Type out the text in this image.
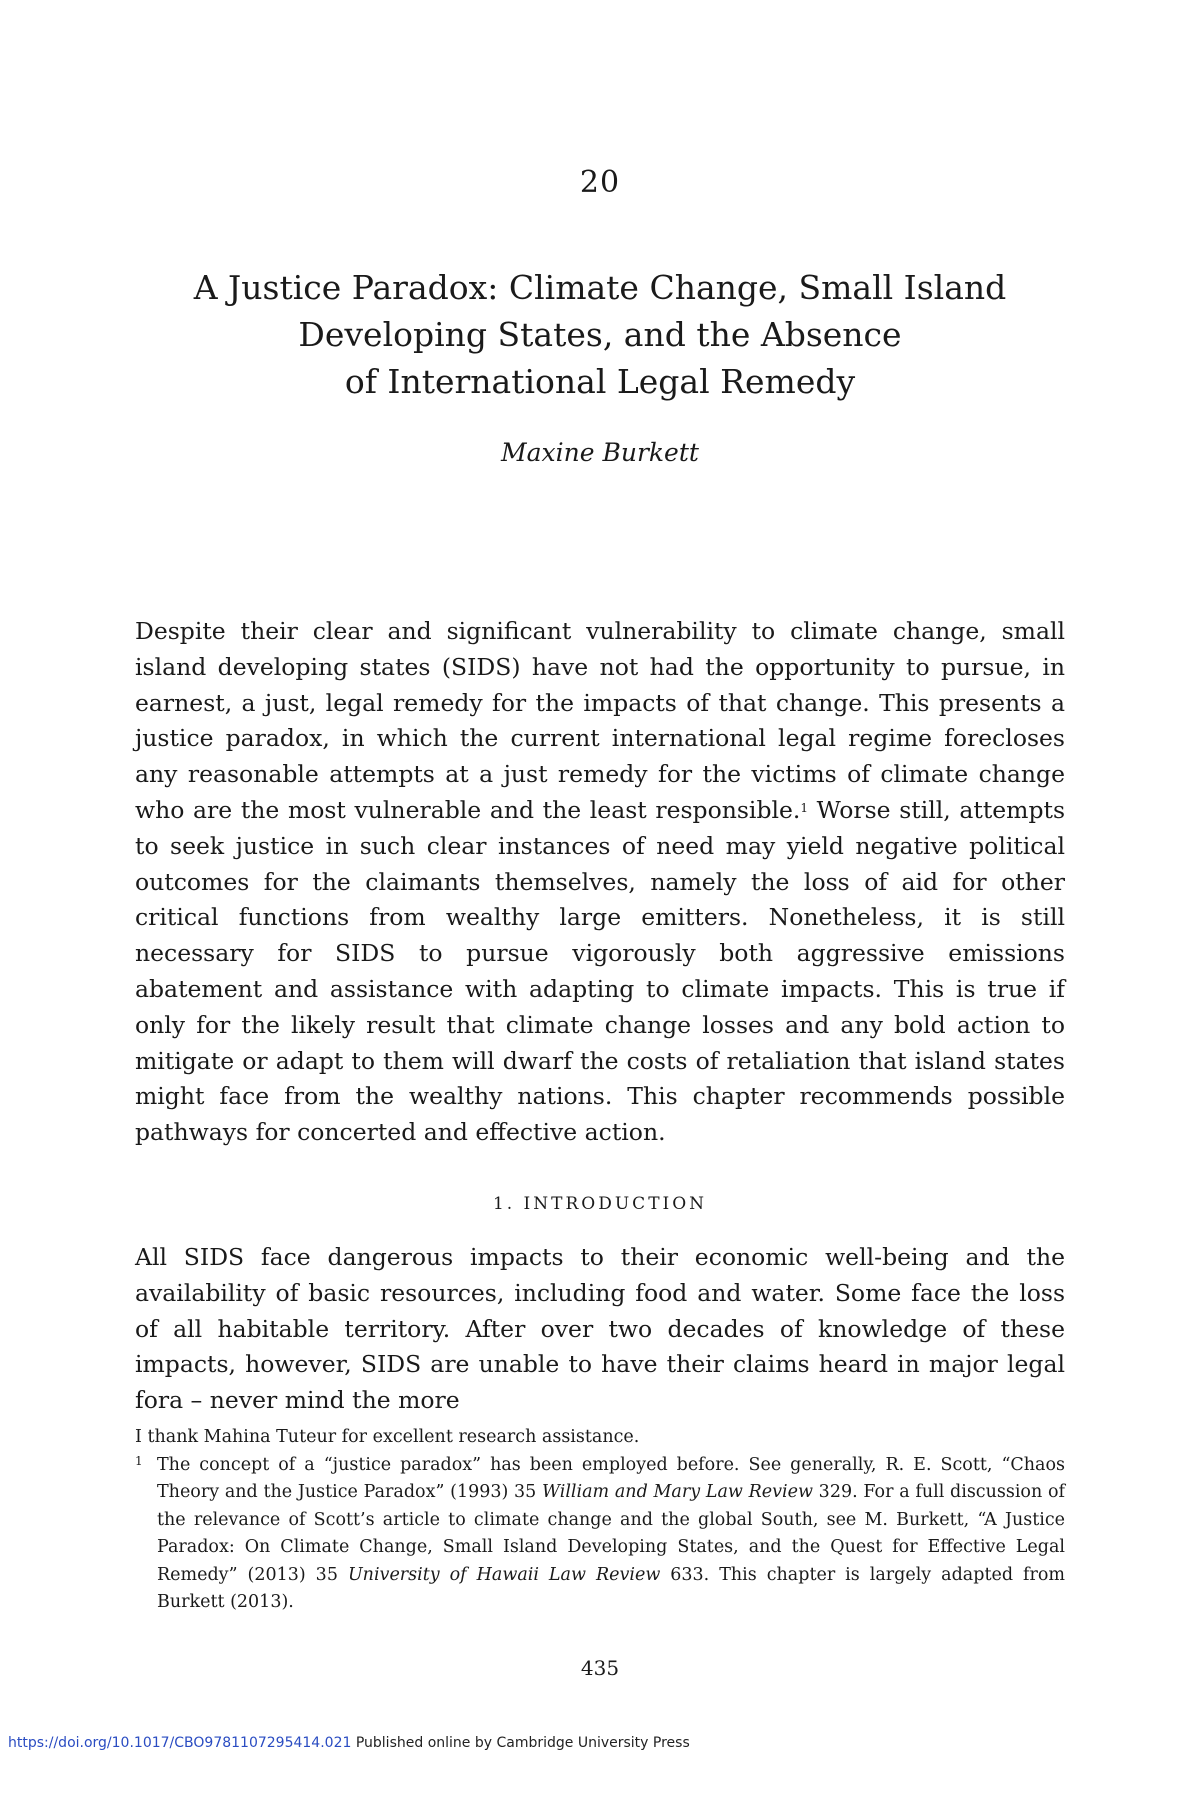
20
A Justice Paradox: Climate Change, Small Island
Developing States, and the Absence
of International Legal Remedy
Maxine Burkett

Despite their clear and significant vulnerability to climate change, small island developing states (SIDS) have not had the opportunity to pursue, in earnest, a just, legal remedy for the impacts of that change. This presents a justice paradox, in which the current international legal regime forecloses any reasonable attempts at a just remedy for the victims of climate change who are the most vulnerable and the least responsible.$^1$ Worse still, attempts to seek justice in such clear instances of need may yield negative political outcomes for the claimants themselves, namely the loss of aid for other critical functions from wealthy large emitters. Nonetheless, it is still necessary for SIDS to pursue vigorously both aggressive emissions abatement and assistance with adapting to climate impacts. This is true if only for the likely result that climate change losses and any bold action to mitigate or adapt to them will dwarf the costs of retaliation that island states might face from the wealthy nations. This chapter recommends possible pathways for concerted and effective action.

1. INTRODUCTION

All SIDS face dangerous impacts to their economic well-being and the availability of basic resources, including food and water. Some face the loss of all habitable territory. After over two decades of knowledge of these impacts, however, SIDS are unable to have their claims heard in major legal fora – never mind the more

I thank Mahina Tuteur for excellent research assistance.

1 The concept of a “justice paradox” has been employed before. See generally, R. E. Scott, “Chaos Theory and the Justice Paradox” (1993) 35 William and Mary Law Review 329. For a full discussion of the relevance of Scott’s article to climate change and the global South, see M. Burkett, “A Justice Paradox: On Climate Change, Small Island Developing States, and the Quest for Effective Legal Remedy” (2013) 35 University of Hawaii Law Review 633. This chapter is largely adapted from Burkett (2013).

435
https://doi.org/10.1017/CBO9781107295414.021 Published online by Cambridge University Press
